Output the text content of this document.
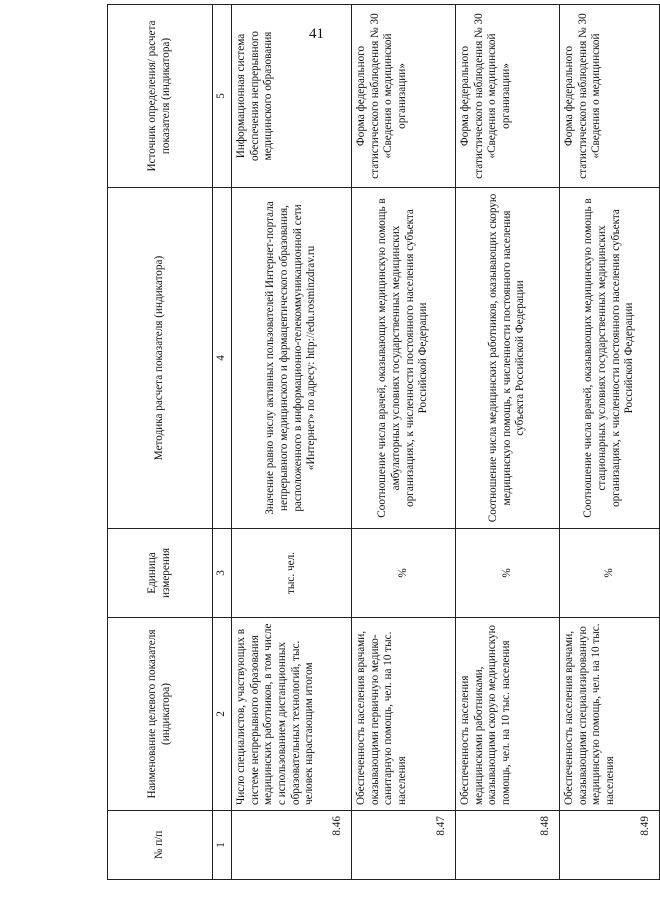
41
№ п/п	Наименование целевого показателя (индикатора)	Единица измерения	Методика расчета показателя (индикатора)	Источник определения/ расчета показателя (индикатора)
1	2	3	4	5
8.46	Число специалистов, участвующих в системе непрерывного образования медицинских работников, в том числе с использованием дистанционных образовательных технологий, тыс. человек нарастающим итогом	тыс. чел.	Значение равно числу активных пользователей Интернет-портала непрерывного медицинского и фармацевтического образования, расположенного в информационно-телекоммуникационной сети «Интернет» по адресу: http://edu.rosminzdrav.ru	Информационная система обеспечения непрерывного медицинского образования
8.47	Обеспеченность населения врачами, оказывающими первичную медико-санитарную помощь, чел. на 10 тыс. населения	%	Соотношение числа врачей, оказывающих медицинскую помощь в амбулаторных условиях государственных медицинских организациях, к численности постоянного населения субъекта Российской Федерации	Форма федерального статистического наблюдения № 30 «Сведения о медицинской организации»
8.48	Обеспеченность населения медицинскими работниками, оказывающими скорую медицинскую помощь, чел. на 10 тыс. населения	%	Соотношение числа медицинских работников, оказывающих скорую медицинскую помощь, к численности постоянного населения субъекта Российской Федерации	Форма федерального статистического наблюдения № 30 «Сведения о медицинской организации»
8.49	Обеспеченность населения врачами, оказывающими специализированную медицинскую помощь, чел. на 10 тыс. населения	%	Соотношение числа врачей, оказывающих медицинскую помощь в стационарных условиях государственных медицинских организациях, к численности постоянного населения субъекта Российской Федерации	Форма федерального статистического наблюдения № 30 «Сведения о медицинской
